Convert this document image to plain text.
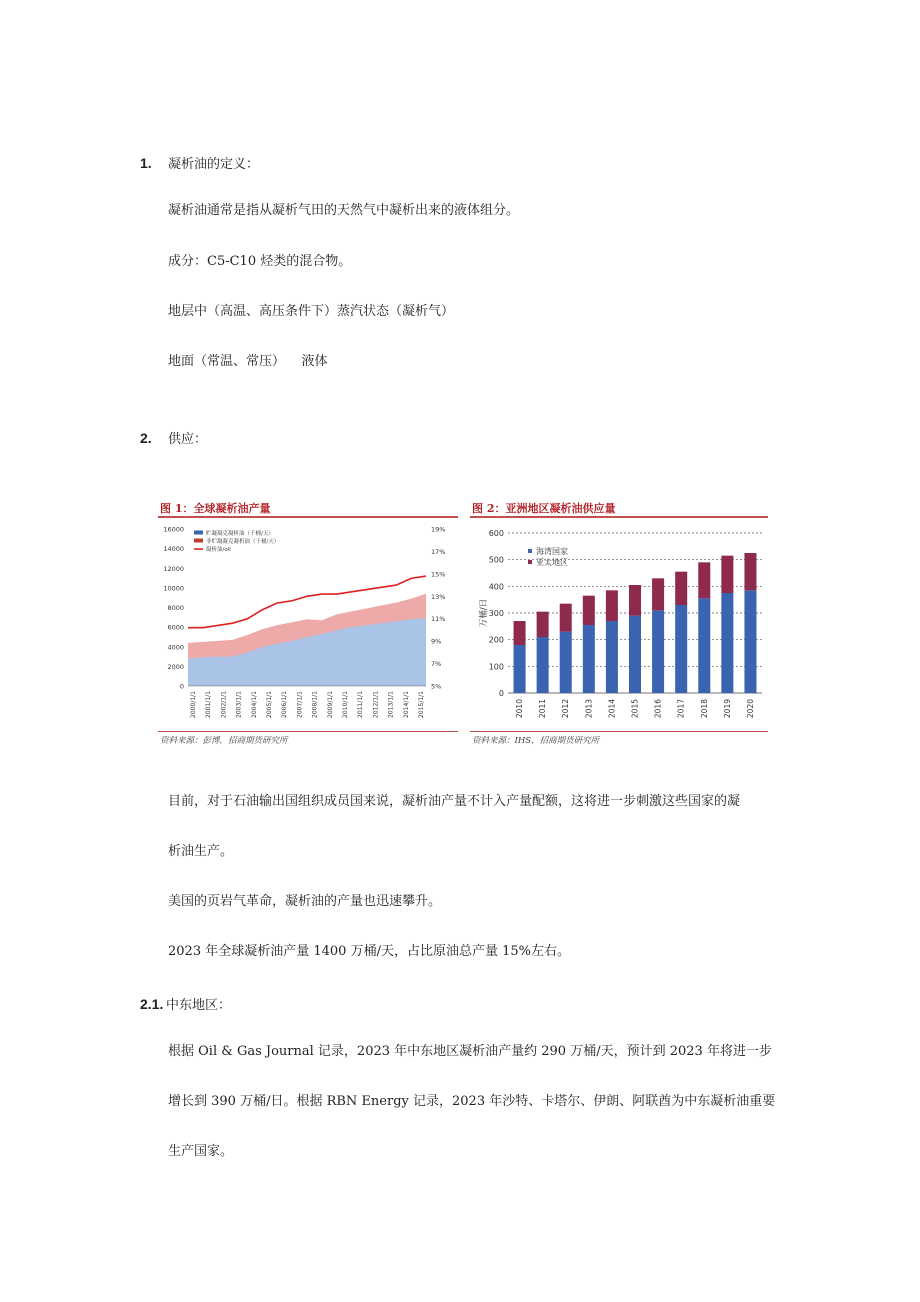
1. 凝析油的定义：
凝析油通常是指从凝析气田的天然气中凝析出来的液体组分。
成分：C5-C10 烃类的混合物。
地层中（高温、高压条件下）蒸汽状态（凝析气）
地面（常温、常压）    液体
2. 供应：
图 1：全球凝析油产量
0
2000
4000
6000
8000
10000
12000
14000
16000
5%
7%
9%
11%
13%
15%
17%
19%
2000/1/1 2001/1/1 2002/1/1 2003/1/1 2004/1/1 2005/1/1 2006/1/1 2007/1/1 2008/1/1 2009/1/1 2010/1/1 2011/1/1 2012/1/1 2013/1/1 2014/1/1 2015/1/1
贮凝凝克凝析油（千桶/天）
非贮凝凝克凝析油（千桶/天）
凝析油/oil
资料来源：彭博，招商期货研究所
图 2：亚洲地区凝析油供应量
0
100
200
300
400
500
600
万桶/日
2010 2011 2012 2013 2014 2015 2016 2017 2018 2019 2020
海湾国家
亚太地区
资料来源：IHS，招商期货研究所
目前，对于石油输出国组织成员国来说，凝析油产量不计入产量配额，这将进一步刺激这些国家的凝
析油生产。
美国的页岩气革命，凝析油的产量也迅速攀升。
2023 年全球凝析油产量 1400 万桶/天，占比原油总产量 15%左右。
2.1. 中东地区：
根据 Oil & Gas Journal 记录，2023 年中东地区凝析油产量约 290 万桶/天，预计到 2023 年将进一步
增长到 390 万桶/日。根据 RBN Energy 记录，2023 年沙特、卡塔尔、伊朗、阿联酋为中东凝析油重要
生产国家。
